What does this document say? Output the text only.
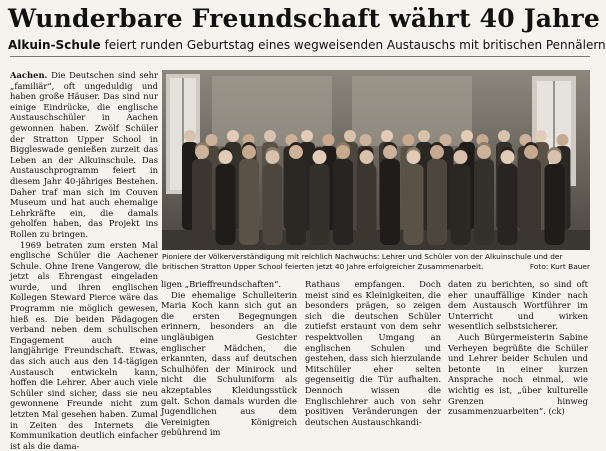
Wunderbare Freundschaft währt 40 Jahre
Alkuin-Schule feiert runden Geburtstag eines wegweisenden Austauschs mit britischen Pennälern

Aachen. Die Deutschen sind sehr „familiär“, oft ungeduldig und haben große Häuser. Das sind nur einige Eindrücke, die englische Austauschschüler in Aachen gewonnen haben. Zwölf Schüler der Stratton Upper School in Biggleswade genießen zurzeit das Leben an der Alkuinschule. Das Austauschprogramm feiert in diesem Jahr 40-jähriges Bestehen. Daher traf man sich im Couven Museum und hat auch ehemalige Lehrkräfte ein, die damals geholfen haben, das Projekt ins Rollen zu bringen.

1969 betraten zum ersten Mal englische Schüler die Aachener Schule. Ohne Irene Vangerow, die jetzt als Ehrengast eingeladen wurde, und ihren englischen Kollegen Steward Pierce wäre das Programm nie möglich gewesen, hieß es. Die beiden Pädagogen verband neben dem schulischen Engagement auch eine langjährige Freundschaft. Etwas, das sich auch aus den 14-tägigen Austausch entwickeln kann, hoffen die Lehrer. Aber auch viele Schüler sind sicher, dass sie neu gewonnene Freunde nicht zum letzten Mal gesehen haben. Zumal in Zeiten des Internets die Kommunikation deutlich einfacher ist als die dama-

Pioniere der Völkerverständigung mit reichlich Nachwuchs: Lehrer und Schüler von der Alkuinschule und der britischen Stratton Upper School feierten jetzt 40 Jahre erfolgreicher Zusammenarbeit.	Foto: Kurt Bauer

ligen „Brieffreundschaften“.

Die ehemalige Schulleiterin Maria Koch kann sich gut an die ersten Begegnungen erinnern, besonders an die ungläubigen Gesichter englischer Mädchen, die erkannten, dass auf deutschen Schulhöfen der Minirock und nicht die Schuluniform als akzeptables Kleidungsstück galt. Schon damals wurden die Jugendlichen aus dem Vereinigten Königreich gebührend im

Rathaus empfangen. Doch meist sind es Kleinigkeiten, die besonders prägen, so zeigen sich die deutschen Schüler zutiefst erstaunt von dem sehr respektvollen Umgang an englischen Schulen und gestehen, dass sich hierzulande Mitschüler eher selten gegenseitig die Tür aufhalten. Dennoch wissen die Englischlehrer auch von sehr positiven Veränderungen der deutschen Austauschkandi-

daten zu berichten, so sind oft eher unauffällige Kinder nach dem Austausch Wortführer im Unterricht und wirken wesentlich selbstsicherer.

Auch Bürgermeisterin Sabine Verheyen begrüßte die Schüler und Lehrer beider Schulen und betonte in einer kurzen Ansprache noch einmal, wie wichtig es ist, „über kulturelle Grenzen hinweg zusammenzuarbeiten“. (ck)
